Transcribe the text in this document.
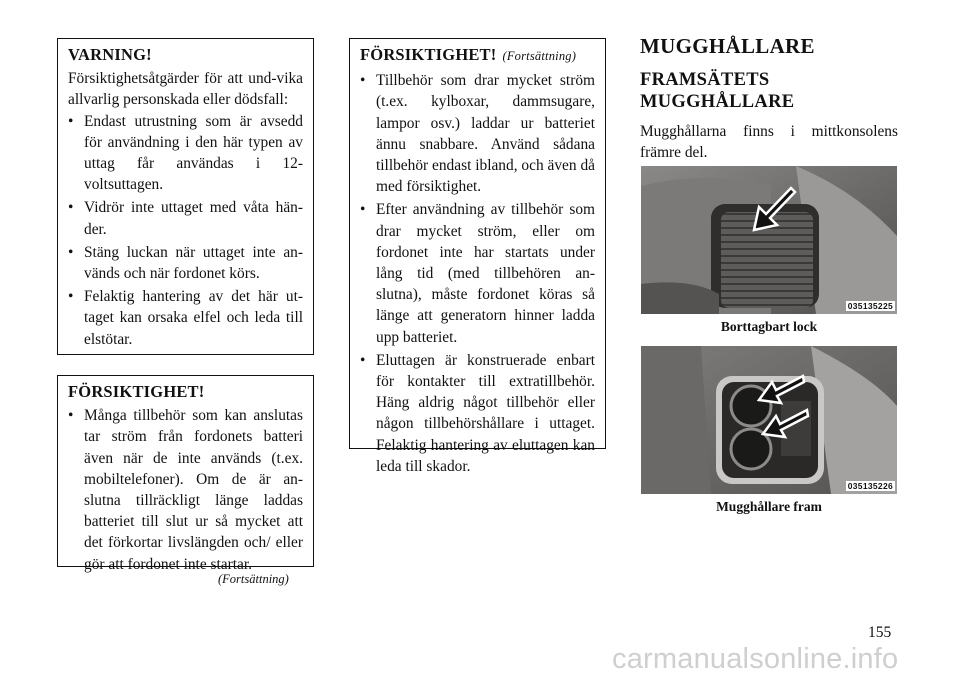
VARNING!

Försiktighetsåtgärder för att und-vika allvarlig personskada eller dödsfall:

• Endast utrustning som är avsedd för användning i den här typen av uttag får användas i 12-voltsuttagen.
• Vidrör inte uttaget med våta hän-der.
• Stäng luckan när uttaget inte an-vänds och när fordonet körs.
• Felaktig hantering av det här ut-taget kan orsaka elfel och leda till elstötar.
FÖRSIKTIGHET!
• Många tillbehör som kan anslutas tar ström från fordonets batteri även när de inte används (t.ex. mobiltelefoner). Om de är an-slutna tillräckligt länge laddas batteriet till slut ur så mycket att det förkortar livslängden och/ eller gör att fordonet inte startar.
(Fortsättning)
FÖRSIKTIGHET! (Fortsättning)
• Tillbehör som drar mycket ström (t.ex. kylboxar, dammsugare, lampor osv.) laddar ur batteriet ännu snabbare. Använd sådana tillbehör endast ibland, och även då med försiktighet.
• Efter användning av tillbehör som drar mycket ström, eller om fordonet inte har startats under lång tid (med tillbehören an-slutna), måste fordonet köras så länge att generatorn hinner ladda upp batteriet.
• Eluttagen är konstruerade enbart för kontakter till extratillbehör. Häng aldrig något tillbehör eller någon tillbehörshållare i uttaget. Felaktig hantering av eluttagen kan leda till skador.
MUGGHÅLLARE
FRAMSÄTETS MUGGHÅLLARE
Mugghållarna finns i mittkonsolens främre del.
035135225
Borttagbart lock
035135226
Mugghållare fram
155
carmanualsonline.info
